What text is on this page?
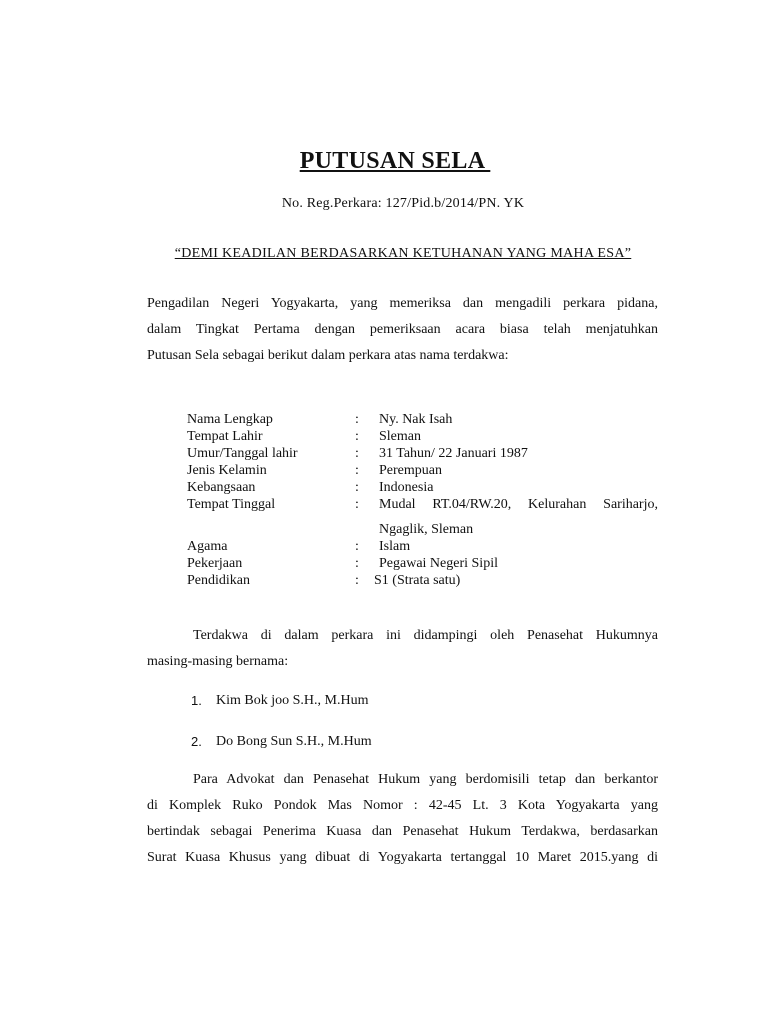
PUTUSAN SELA
No. Reg.Perkara: 127/Pid.b/2014/PN. YK
“DEMI KEADILAN BERDASARKAN KETUHANAN YANG MAHA ESA”
Pengadilan Negeri Yogyakarta, yang memeriksa dan mengadili perkara pidana,
dalam Tingkat Pertama dengan pemeriksaan acara biasa telah menjatuhkan
Putusan Sela sebagai berikut dalam perkara atas nama terdakwa:
Nama Lengkap	: Ny. Nak Isah
Tempat Lahir	: Sleman
Umur/Tanggal lahir	: 31 Tahun/ 22 Januari 1987
Jenis Kelamin	: Perempuan
Kebangsaan	: Indonesia
Tempat Tinggal	: Mudal RT.04/RW.20, Kelurahan Sariharjo,
Ngaglik, Sleman
Agama	: Islam
Pekerjaan	: Pegawai Negeri Sipil
Pendidikan	: S1 (Strata satu)
Terdakwa di dalam perkara ini didampingi oleh Penasehat Hukumnya
masing-masing bernama:
1. Kim Bok joo S.H., M.Hum
2. Do Bong Sun S.H., M.Hum
Para Advokat dan Penasehat Hukum yang berdomisili tetap dan berkantor
di Komplek Ruko Pondok Mas Nomor : 42-45 Lt. 3 Kota Yogyakarta yang
bertindak sebagai Penerima Kuasa dan Penasehat Hukum Terdakwa, berdasarkan
Surat Kuasa Khusus yang dibuat di Yogyakarta tertanggal 10 Maret 2015.yang di
